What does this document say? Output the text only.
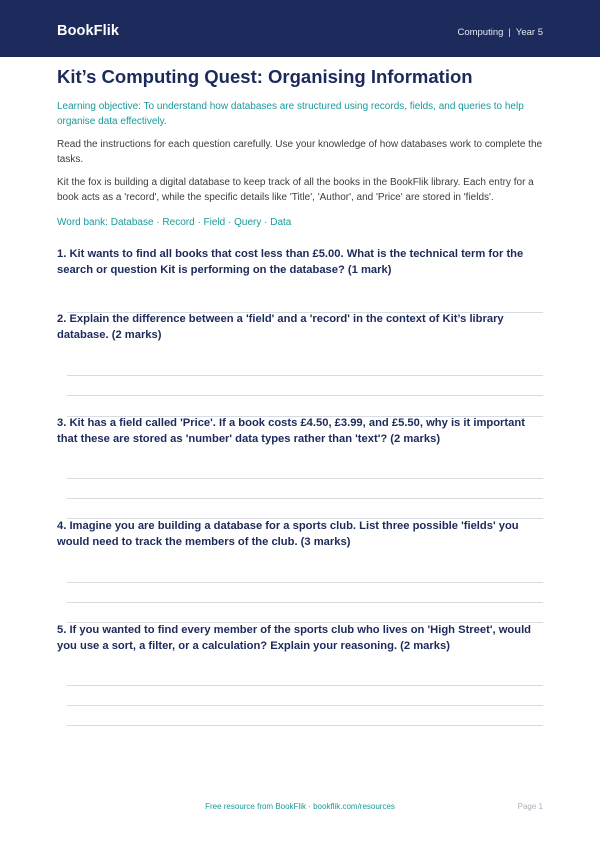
BookFlik	Computing | Year 5
Kit’s Computing Quest: Organising Information
Learning objective: To understand how databases are structured using records, fields, and queries to help organise data effectively.
Read the instructions for each question carefully. Use your knowledge of how databases work to complete the tasks.
Kit the fox is building a digital database to keep track of all the books in the BookFlik library. Each entry for a book acts as a 'record', while the specific details like 'Title', 'Author', and 'Price' are stored in 'fields'.
Word bank: Database · Record · Field · Query · Data
1. Kit wants to find all books that cost less than £5.00. What is the technical term for the search or question Kit is performing on the database? (1 mark)
2. Explain the difference between a 'field' and a 'record' in the context of Kit’s library database. (2 marks)
3. Kit has a field called 'Price'. If a book costs £4.50, £3.99, and £5.50, why is it important that these are stored as 'number' data types rather than 'text'? (2 marks)
4. Imagine you are building a database for a sports club. List three possible 'fields' you would need to track the members of the club. (3 marks)
5. If you wanted to find every member of the sports club who lives on 'High Street', would you use a sort, a filter, or a calculation? Explain your reasoning. (2 marks)
Free resource from BookFlik · bookflik.com/resources	Page 1
